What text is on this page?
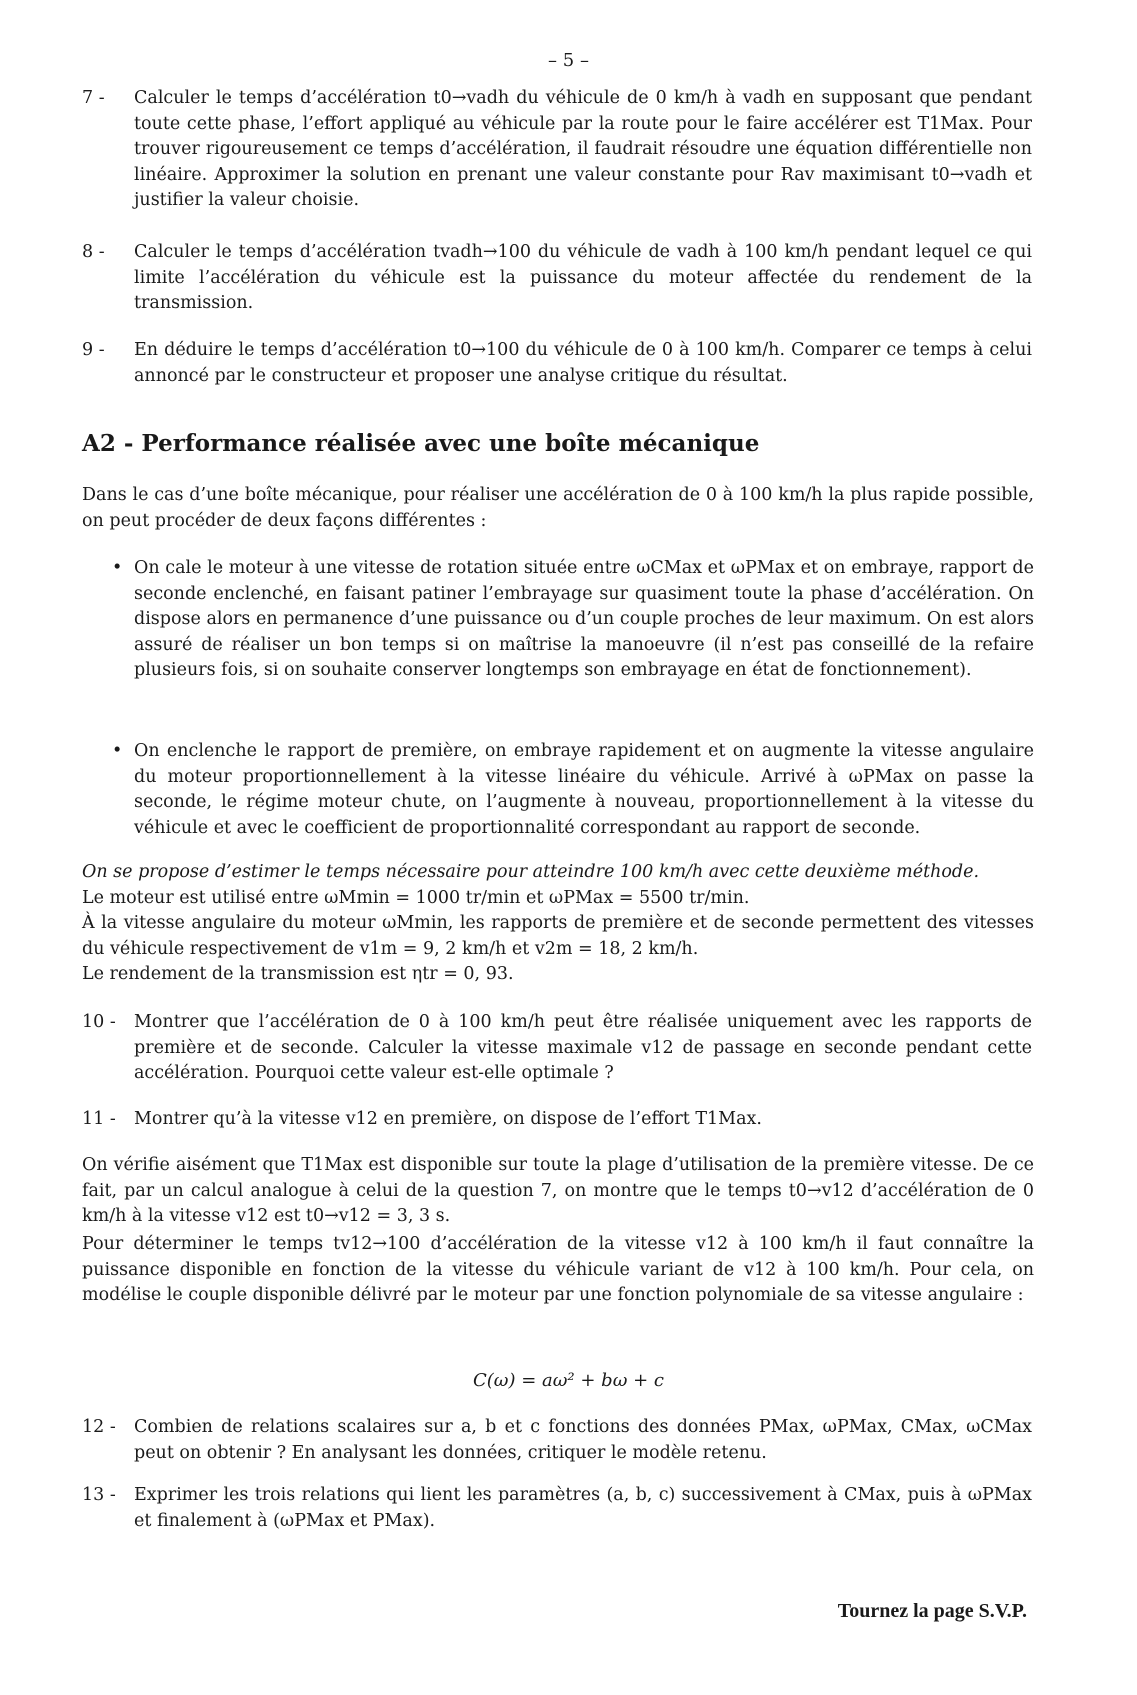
– 5 –
7 -	Calculer le temps d’accélération t0→vadh du véhicule de 0 km/h à vadh en supposant que pendant toute cette phase, l’effort appliqué au véhicule par la route pour le faire accélérer est T1Max. Pour trouver rigoureusement ce temps d’accélération, il faudrait résoudre une équation différentielle non linéaire. Approximer la solution en prenant une valeur constante pour Rav maximisant t0→vadh et justifier la valeur choisie.
8 -	Calculer le temps d’accélération tvadh→100 du véhicule de vadh à 100 km/h pendant lequel ce qui limite l’accélération du véhicule est la puissance du moteur affectée du rendement de la transmission.
9 -	En déduire le temps d’accélération t0→100 du véhicule de 0 à 100 km/h. Comparer ce temps à celui annoncé par le constructeur et proposer une analyse critique du résultat.
A2 - Performance réalisée avec une boîte mécanique
Dans le cas d’une boîte mécanique, pour réaliser une accélération de 0 à 100 km/h la plus rapide possible, on peut procéder de deux façons différentes :
• On cale le moteur à une vitesse de rotation située entre ωCMax et ωPMax et on embraye, rapport de seconde enclenché, en faisant patiner l’embrayage sur quasiment toute la phase d’accélération. On dispose alors en permanence d’une puissance ou d’un couple proches de leur maximum. On est alors assuré de réaliser un bon temps si on maîtrise la manoeuvre (il n’est pas conseillé de la refaire plusieurs fois, si on souhaite conserver longtemps son embrayage en état de fonctionnement).
• On enclenche le rapport de première, on embraye rapidement et on augmente la vitesse angulaire du moteur proportionnellement à la vitesse linéaire du véhicule. Arrivé à ωPMax on passe la seconde, le régime moteur chute, on l’augmente à nouveau, proportionnellement à la vitesse du véhicule et avec le coefficient de proportionnalité correspondant au rapport de seconde.
On se propose d’estimer le temps nécessaire pour atteindre 100 km/h avec cette deuxième méthode.
Le moteur est utilisé entre ωMmin = 1000 tr/min et ωPMax = 5500 tr/min.
À la vitesse angulaire du moteur ωMmin, les rapports de première et de seconde permettent des vitesses du véhicule respectivement de v1m = 9, 2 km/h et v2m = 18, 2 km/h.
Le rendement de la transmission est ηtr = 0, 93.
10 -	Montrer que l’accélération de 0 à 100 km/h peut être réalisée uniquement avec les rapports de première et de seconde. Calculer la vitesse maximale v12 de passage en seconde pendant cette accélération. Pourquoi cette valeur est-elle optimale ?
11 -	Montrer qu’à la vitesse v12 en première, on dispose de l’effort T1Max.
On vérifie aisément que T1Max est disponible sur toute la plage d’utilisation de la première vitesse. De ce fait, par un calcul analogue à celui de la question 7, on montre que le temps t0→v12 d’accélération de 0 km/h à la vitesse v12 est t0→v12 = 3, 3 s.
Pour déterminer le temps tv12→100 d’accélération de la vitesse v12 à 100 km/h il faut connaître la puissance disponible en fonction de la vitesse du véhicule variant de v12 à 100 km/h. Pour cela, on modélise le couple disponible délivré par le moteur par une fonction polynomiale de sa vitesse angulaire :
C(ω) = aω² + bω + c
12 -	Combien de relations scalaires sur a, b et c fonctions des données PMax, ωPMax, CMax, ωCMax peut on obtenir ? En analysant les données, critiquer le modèle retenu.
13 -	Exprimer les trois relations qui lient les paramètres (a, b, c) successivement à CMax, puis à ωPMax et finalement à (ωPMax et PMax).
Tournez la page S.V.P.
